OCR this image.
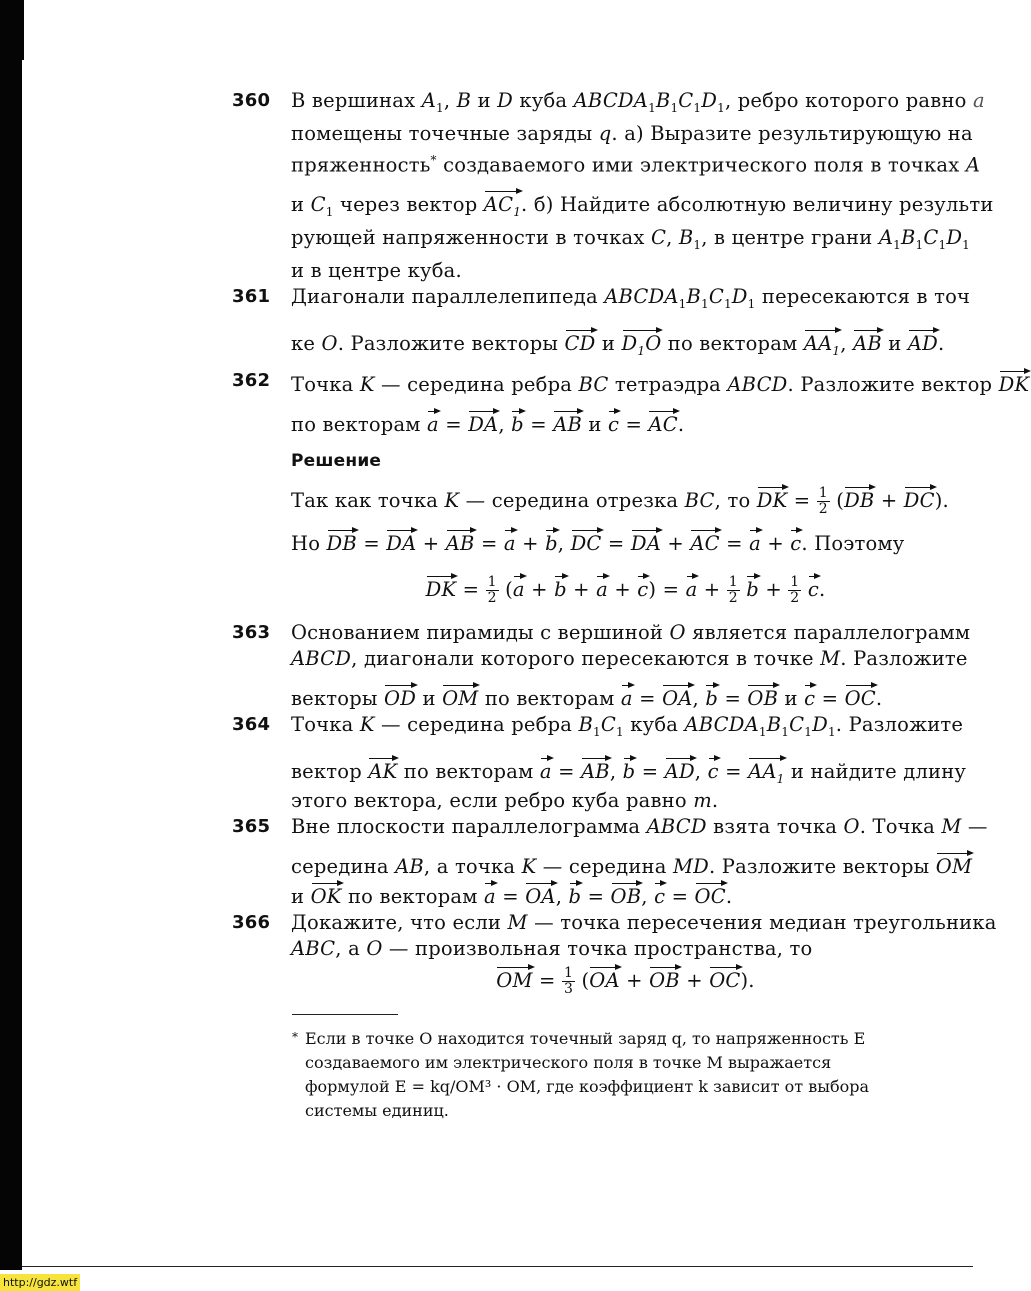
360 В вершинах $A_1$, B и D куба $ABCDA_1B_1C_1D_1$, ребро которого равно a
помещены точечные заряды q. а) Выразите результирующую на
пряженность* создаваемого ими электрического поля в точках A
и $C_1$ через вектор $AC_1$. б) Найдите абсолютную величину результи
рующей напряженности в точках C, $B_1$, в центре грани $A_1B_1C_1D_1$
и в центре куба.
361 Диагонали параллелепипеда $ABCDA_1B_1C_1D_1$ пересекаются в точ
ке O. Разложите векторы CD и $D_1O$ по векторам $AA_1$, AB и AD.
362 Точка K — середина ребра BC тетраэдра ABCD. Разложите вектор DK
по векторам a = DA, b = AB и c = AC.
Решение
Так как точка K — середина отрезка BC, то DK = $\frac{1}{2} (DB + DC)$.
Но DB = DA + AB = a + b, DC = DA + AC = a + c. Поэтому
DK = $\frac{1}{2} (a + b + a + c) = a + \frac{1}{2}$ $b + \frac{1}{2} c$.
363 Основанием пирамиды с вершиной O является параллелограмм
ABCD, диагонали которого пересекаются в точке M. Разложите
векторы OD и OM по векторам a = OA, b = OB и c = OC.
364 Точка K — середина ребра $B_1C_1$ куба $ABCDA_1B_1C_1D_1$. Разложите
вектор AK по векторам a = AB, b = AD, $c = AA_1$ и найдите длину
этого вектора, если ребро куба равно m.
365 Вне плоскости параллелограмма ABCD взята точка O. Точка M —
середина AB, а точка K — середина MD. Разложите векторы OM
и OK по векторам a = OA, b = OB, c = OC.
366 Докажите, что если M — точка пересечения медиан треугольника
ABC, а O — произвольная точка пространства, то
OM = $\frac{1}{3} (OA$ + OB + OC).
* Если в точке O находится точечный заряд q, то напряженность E
создаваемого им электрического поля в точке M выражается
формулой E = kq/OM³ · OM, где коэффициент k зависит от выбора
системы единиц.
http://gdz.wtf
